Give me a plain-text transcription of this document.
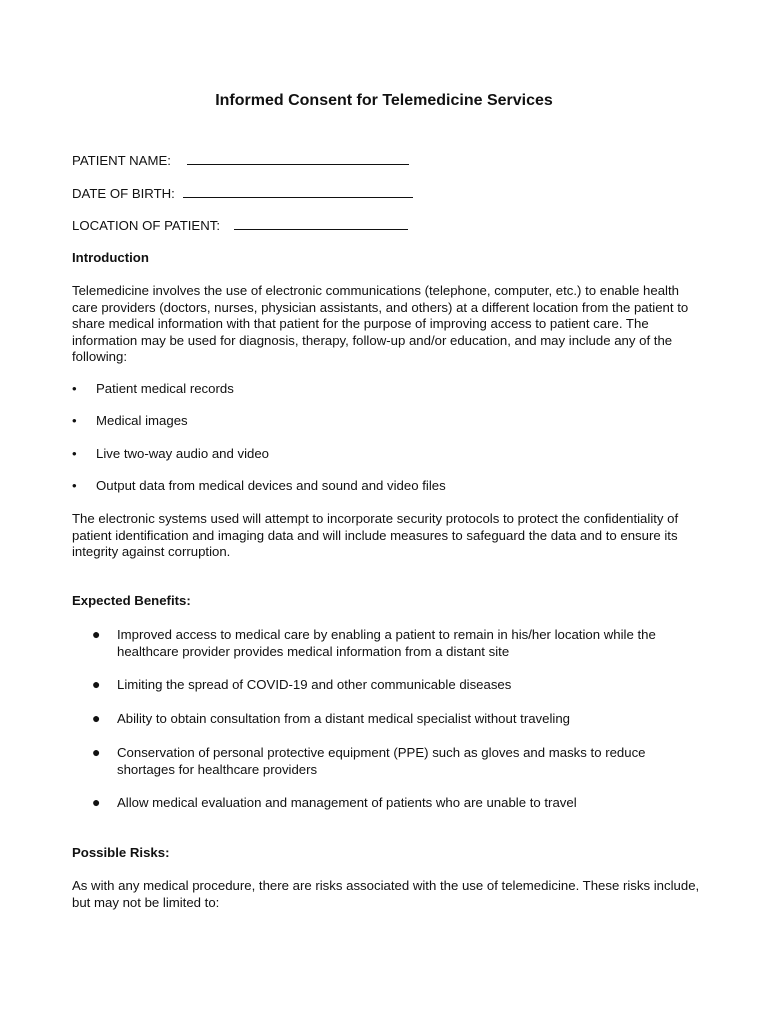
Informed Consent for Telemedicine Services
PATIENT NAME:
DATE OF BIRTH:
LOCATION OF PATIENT:
Introduction
Telemedicine involves the use of electronic communications (telephone, computer, etc.) to enable health care providers (doctors, nurses, physician assistants, and others) at a different location from the patient to share medical information with that patient for the purpose of improving access to patient care. The information may be used for diagnosis, therapy, follow-up and/or education, and may include any of the following:
• Patient medical records
• Medical images
• Live two-way audio and video
• Output data from medical devices and sound and video files
The electronic systems used will attempt to incorporate security protocols to protect the confidentiality of patient identification and imaging data and will include measures to safeguard the data and to ensure its integrity against corruption.
Expected Benefits:
● Improved access to medical care by enabling a patient to remain in his/her location while the healthcare provider provides medical information from a distant site
● Limiting the spread of COVID-19 and other communicable diseases
● Ability to obtain consultation from a distant medical specialist without traveling
● Conservation of personal protective equipment (PPE) such as gloves and masks to reduce shortages for healthcare providers
● Allow medical evaluation and management of patients who are unable to travel
Possible Risks:
As with any medical procedure, there are risks associated with the use of telemedicine. These risks include, but may not be limited to:
